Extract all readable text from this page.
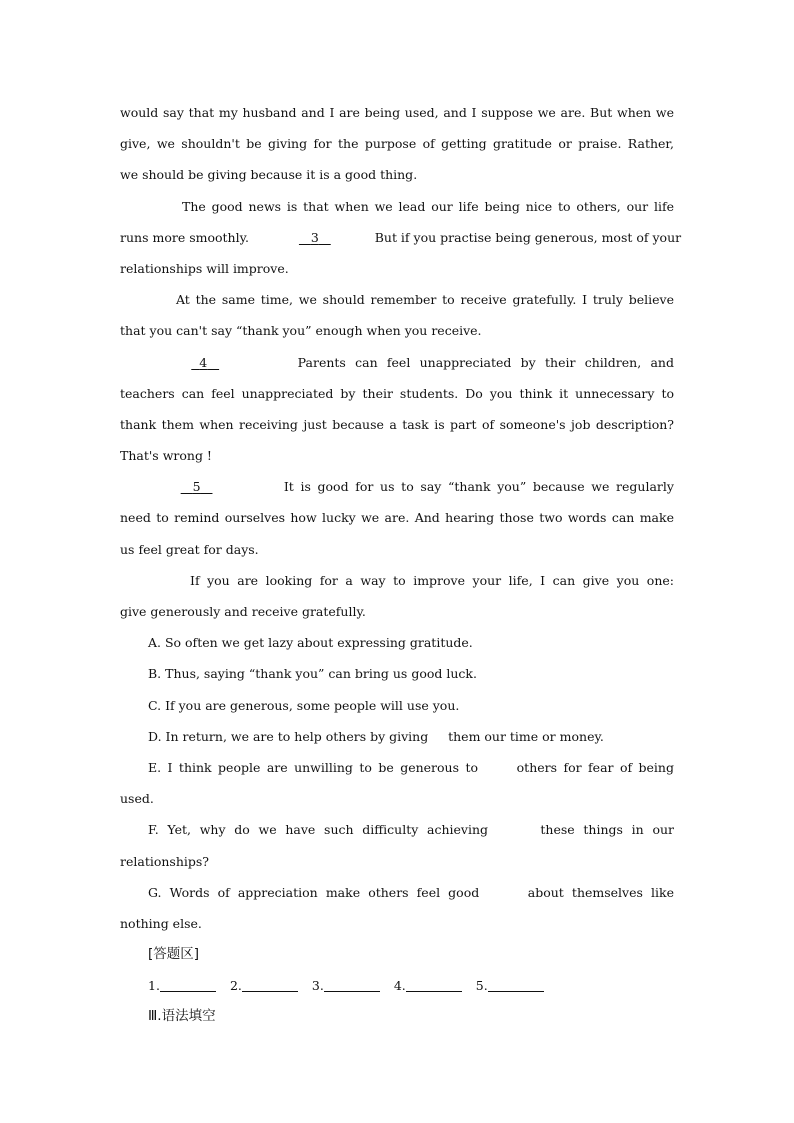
would say that my husband and I are being used, and I suppose we are. But when we
give, we shouldn't be giving for the purpose of getting gratitude or praise. Rather,
we should be giving because it is a good thing.
The good news is that when we lead our life being nice to others, our life
runs more smoothly.	3	But if you practise being generous, most of your
relationships will improve.
At the same time, we should remember to receive gratefully. I truly believe
that you can't say “thank you” enough when you receive.
4	Parents can feel unappreciated by their children, and
teachers can feel unappreciated by their students. Do you think it unnecessary to
thank them when receiving just because a task is part of someone's job description?
That's wrong !
5	It is good for us to say “thank you” because we regularly
need to remind ourselves how lucky we are. And hearing those two words can make
us feel great for days.
If you are looking for a way to improve your life, I can give you one:
give generously and receive gratefully.
A. So often we get lazy about expressing gratitude.
B. Thus, saying “thank you” can bring us good luck.
C. If you are generous, some people will use you.
D. In return, we are to help others by giving     them our time or money.
E. I think people are unwilling to be generous to      others for fear of being
used.
F. Yet, why do we have such difficulty achieving      these things in our
relationships?
G. Words of appreciation make others feel good      about themselves like
nothing else.
[答题区]
1.	2.	3.	4.	5.
Ⅲ.语法填空
